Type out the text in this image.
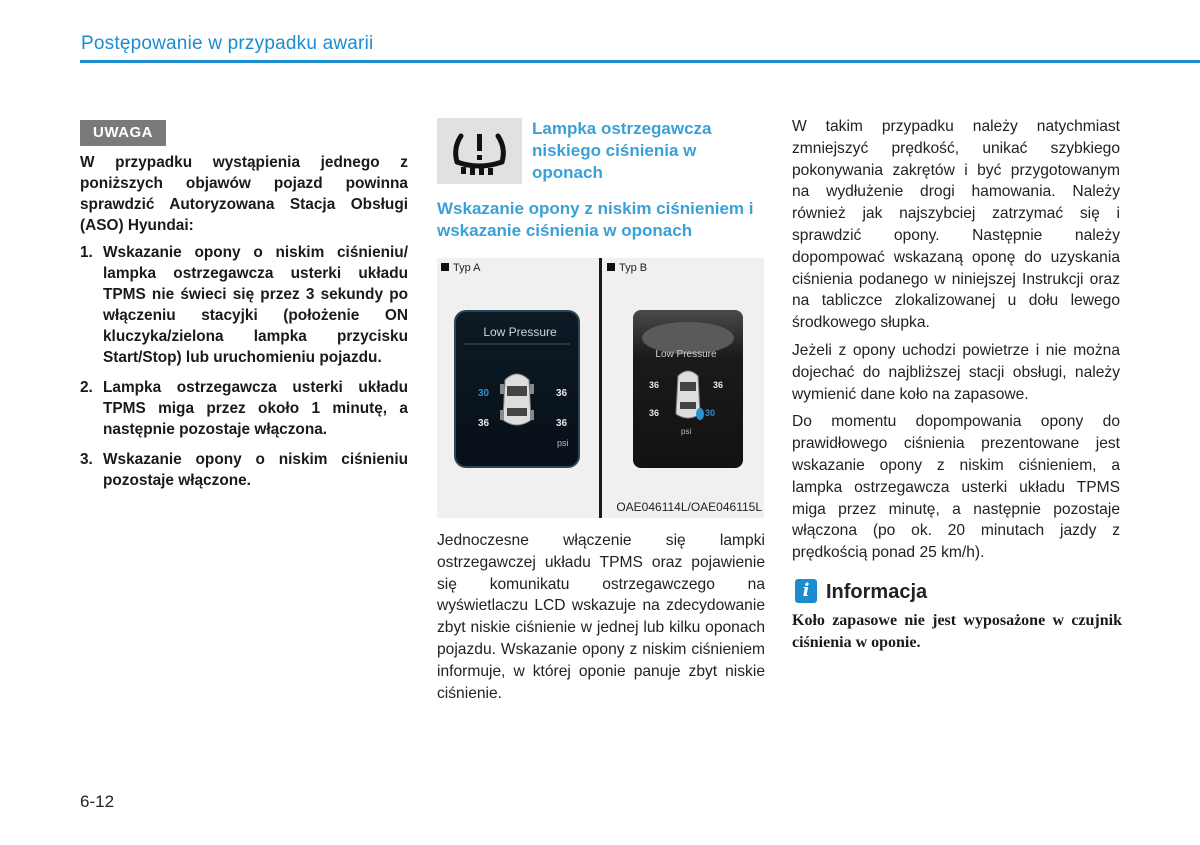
Postępowanie w przypadku awarii
UWAGA

W przypadku wystąpienia jednego z poniższych objawów pojazd powinna sprawdzić Autoryzowana Stacja Obsługi (ASO) Hyundai:

1. Wskazanie opony o niskim ciśnieniu/ lampka ostrzegawcza usterki układu TPMS nie świeci się przez 3 sekundy po włączeniu stacyjki (położenie ON kluczyka/zielona lampka przycisku Start/Stop) lub uruchomieniu pojazdu.
2. Lampka ostrzegawcza usterki układu TPMS miga przez około 1 minutę, a następnie pozostaje włączona.
3. Wskazanie opony o niskim ciśnieniu pozostaje włączone.
Lampka ostrzegawcza niskiego ciśnienia w oponach
Wskazanie opony z niskim ciśnieniem i wskazanie ciśnienia w oponach
Typ A	Typ B
Low Pressure
30	36
36	36
psi
Low Pressure
36	36
36	30
psi
OAE046114L/OAE046115L
Jednoczesne włączenie się lampki ostrzegawczej układu TPMS oraz pojawienie się komunikatu ostrzegawczego na wyświetlaczu LCD wskazuje na zdecydowanie zbyt niskie ciśnienie w jednej lub kilku oponach pojazdu. Wskazanie opony z niskim ciśnieniem informuje, w której oponie panuje zbyt niskie ciśnienie.

W takim przypadku należy natychmiast zmniejszyć prędkość, unikać szybkiego pokonywania zakrętów i być przygotowanym na wydłużenie drogi hamowania. Należy również jak najszybciej zatrzymać się i sprawdzić opony. Następnie należy dopompować wskazaną oponę do uzyskania ciśnienia podanego w niniejszej Instrukcji oraz na tabliczce zlokalizowanej u dołu lewego środkowego słupka.

Jeżeli z opony uchodzi powietrze i nie można dojechać do najbliższej stacji obsługi, należy wymienić dane koło na zapasowe.

Do momentu dopompowania opony do prawidłowego ciśnienia prezentowane jest wskazanie opony z niskim ciśnieniem, a lampka ostrzegawcza usterki układu TPMS miga przez minutę, a następnie pozostaje włączona (po ok. 20 minutach jazdy z prędkością ponad 25 km/h).

i Informacja
Koło zapasowe nie jest wyposażone w czujnik ciśnienia w oponie.
6-12
